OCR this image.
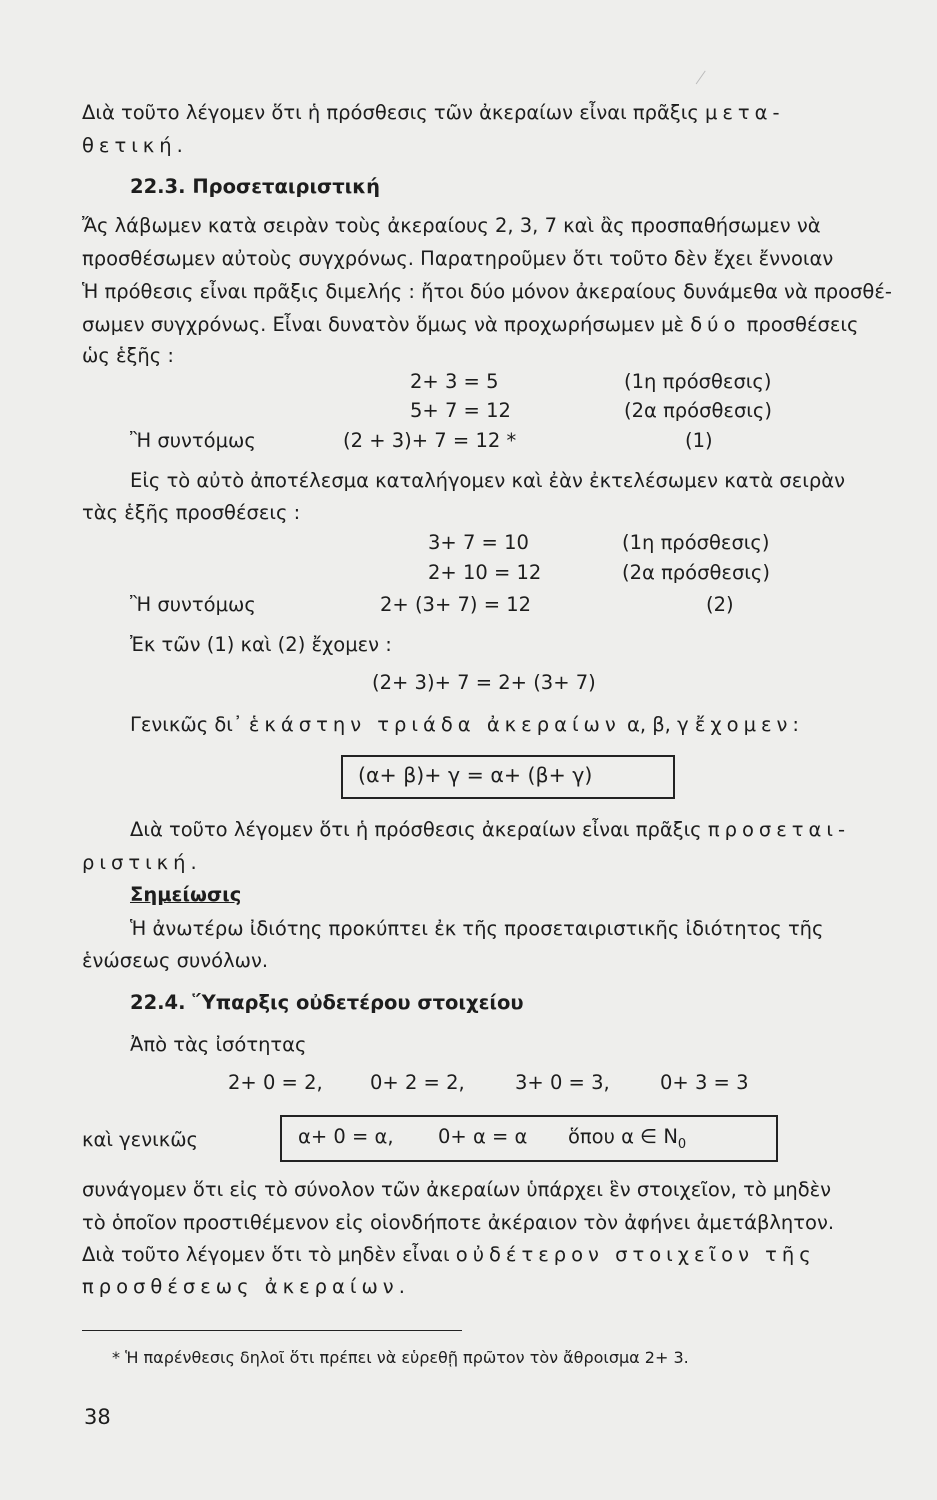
Διὰ τοῦτο λέγομεν ὅτι ἡ πρόσθεσις τῶν ἀκεραίων εἶναι πρᾶξις μετα-
θετική.
22.3. Προσεταιριστική
Ἄς λάβωμεν κατὰ σειρὰν τοὺς ἀκεραίους 2, 3, 7 καὶ ἂς προσπαθήσωμεν νὰ
προσθέσωμεν αὐτοὺς συγχρόνως. Παρατηροῦμεν ὅτι τοῦτο δὲν ἔχει ἔννοιαν
Ἡ πρόθεσις εἶναι πρᾶξις διμελής : ἤτοι δύο μόνον ἀκεραίους δυνάμεθα νὰ προσθέ-
σωμεν συγχρόνως. Εἶναι δυνατὸν ὅμως νὰ προχωρήσωμεν μὲ δύο προσθέσεις
ὡς ἑξῆς :
2+ 3 = 5	(1η πρόσθεσις)
5+ 7 = 12	(2α πρόσθεσις)
Ἢ συντόμως	(2 + 3)+ 7 = 12 *	(1)
Εἰς τὸ αὐτὸ ἀποτέλεσμα καταλήγομεν καὶ ἐὰν ἐκτελέσωμεν κατὰ σειρὰν
τὰς ἑξῆς προσθέσεις :
3+ 7 = 10	(1η πρόσθεσις)
2+ 10 = 12	(2α πρόσθεσις)
Ἢ συντόμως	2+ (3+ 7) = 12	(2)
Ἐκ τῶν (1) καὶ (2) ἔχομεν :
(2+ 3)+ 7 = 2+ (3+ 7)
Γενικῶς δι᾽ ἑκάστην τριάδα ἀκεραίων α, β, γ ἔχομεν:
(α+ β)+ γ = α+ (β+ γ)
Διὰ τοῦτο λέγομεν ὅτι ἡ πρόσθεσις ἀκεραίων εἶναι πρᾶξις προσεται-
ριστική.
Σημείωσις
Ἡ ἀνωτέρω ἰδιότης προκύπτει ἐκ τῆς προσεταιριστικῆς ἰδιότητος τῆς
ἑνώσεως συνόλων.
22.4. Ὕπαρξις οὐδετέρου στοιχείου
Ἀπὸ τὰς ἰσότητας
2+ 0 = 2, 0+ 2 = 2,	3+ 0 = 3,	0+ 3 = 3
καὶ γενικῶς	α+ 0 = α, 0+ α = α ὅπου α ∈ $N_0$
συνάγομεν ὅτι εἰς τὸ σύνολον τῶν ἀκεραίων ὑπάρχει ἓν στοιχεῖον, τὸ μηδὲν
τὸ ὁποῖον προστιθέμενον εἰς οἱονδήποτε ἀκέραιον τὸν ἀφήνει ἀμετάβλητον.
Διὰ τοῦτο λέγομεν ὅτι τὸ μηδὲν εἶναι οὐδέτερον στοιχεῖον τῆς
προσθέσεως ἀκεραίων.
* Ἡ παρένθεσις δηλοῖ ὅτι πρέπει νὰ εὑρεθῇ πρῶτον τὸν ἄθροισμα 2+ 3.
38
